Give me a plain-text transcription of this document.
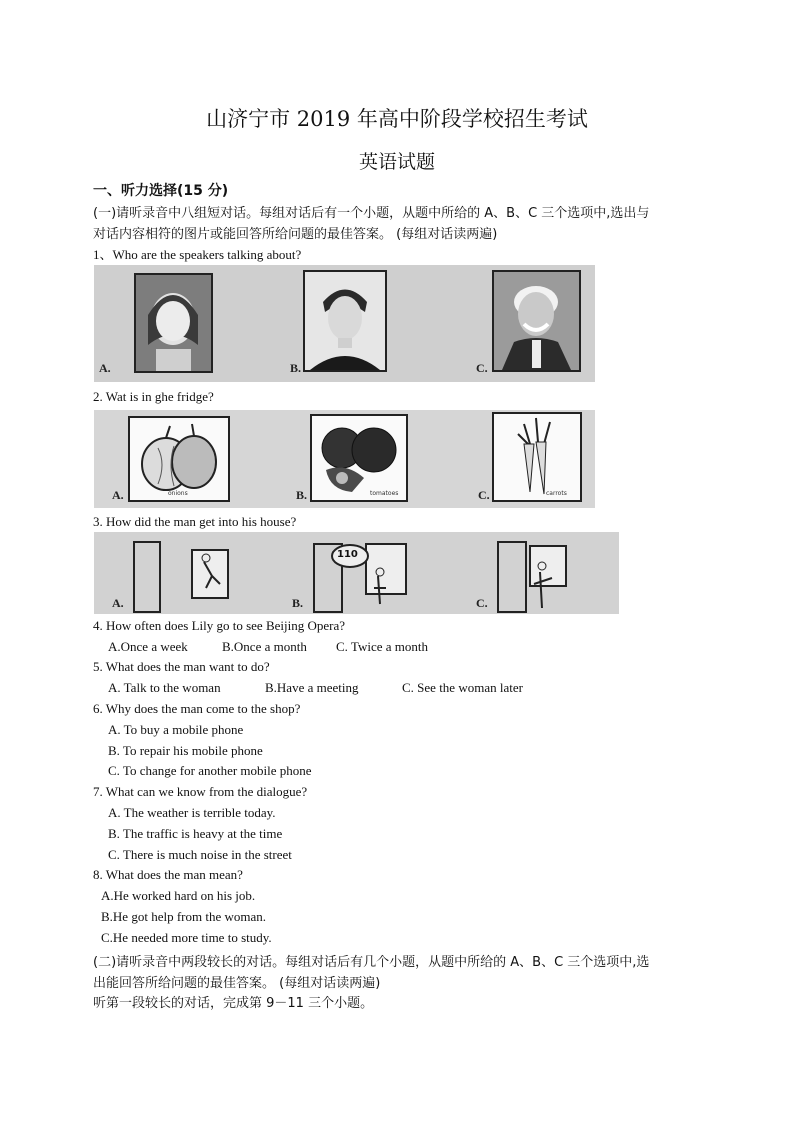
山济宁市 2019 年高中阶段学校招生考试
英语试题
一、听力选择(15 分)
(一)请听录音中八组短对话。每组对话后有一个小题，从题中所给的 A、B、C 三个选项中,选出与
对话内容相符的图片或能回答所给问题的最佳答案。 (每组对话读两遍)
1、Who are the speakers talking about?
A.	B.	C.
2. Wat is in ghe fridge?
onions
A.	tomatoes
B.	carrots
C.
3. How did the man get into his house?
110
A.	B.	C.
4. How often does Lily go to see Beijing Opera?
A.Once a week	B.Once a month C. Twice a month
5. What does the man want to do?
A. Talk to the woman	B.Have a meeting	C. See the woman later
6. Why does the man come to the shop?
A. To buy a mobile phone
B. To repair his mobile phone
C. To change for another mobile phone
7. What can we know from the dialogue?
A. The weather is terrible today.
B. The traffic is heavy at the time
C. There is much noise in the street
8. What does the man mean?
A.He worked hard on his job.
B.He got help from the woman.
C.He needed more time to study.
(二)请听录音中两段较长的对话。每组对话后有几个小题，从题中所给的 A、B、C 三个选项中,选
出能回答所给问题的最佳答案。 (每组对话读两遍)
听第一段较长的对话，完成第 9－11 三个小题。
